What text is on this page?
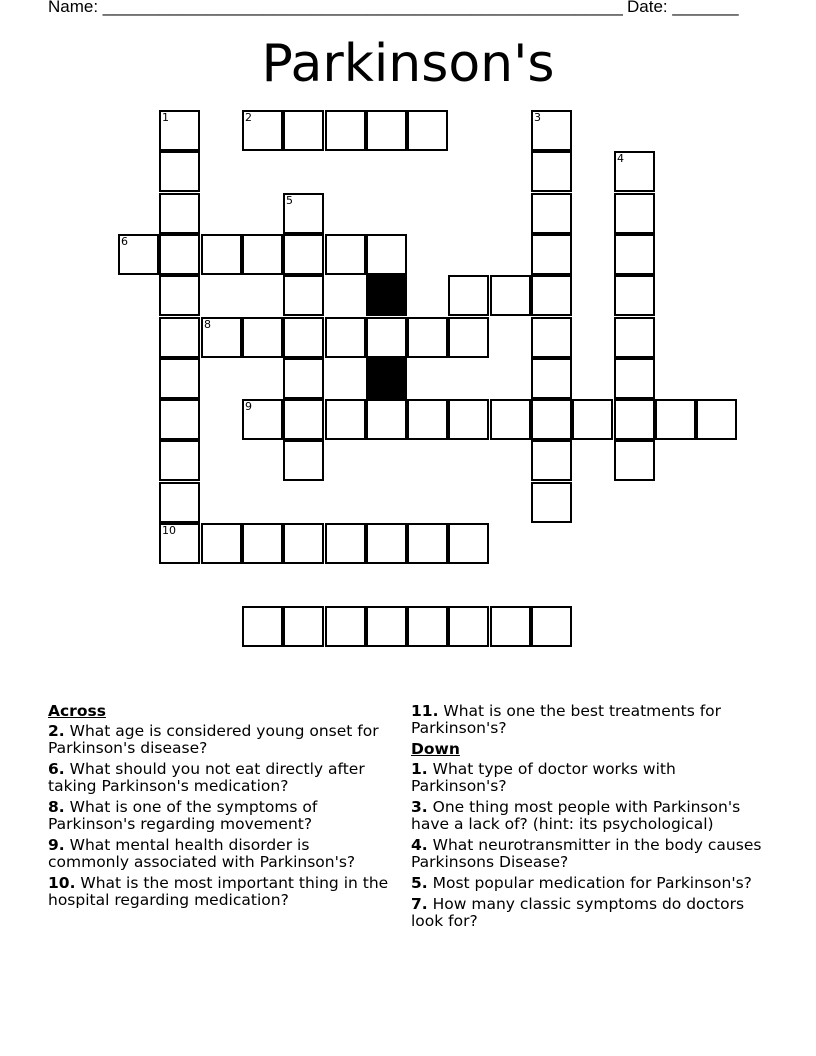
Name: _______________________________________________________ Date: _______
Parkinson's
1
10
2	3
4
5
6
8
9
Across
2. What age is considered young onset for Parkinson's disease?
6. What should you not eat directly after taking Parkinson's medication?
8. What is one of the symptoms of Parkinson's regarding movement?
9. What mental health disorder is commonly associated with Parkinson's?
10. What is the most important thing in the hospital regarding medication?
11. What is one the best treatments for Parkinson's?
Down
1. What type of doctor works with Parkinson's?
3. One thing most people with Parkinson's have a lack of? (hint: its psychological)
4. What neurotransmitter in the body causes Parkinsons Disease?
5. Most popular medication for Parkinson's?
7. How many classic symptoms do doctors look for?
